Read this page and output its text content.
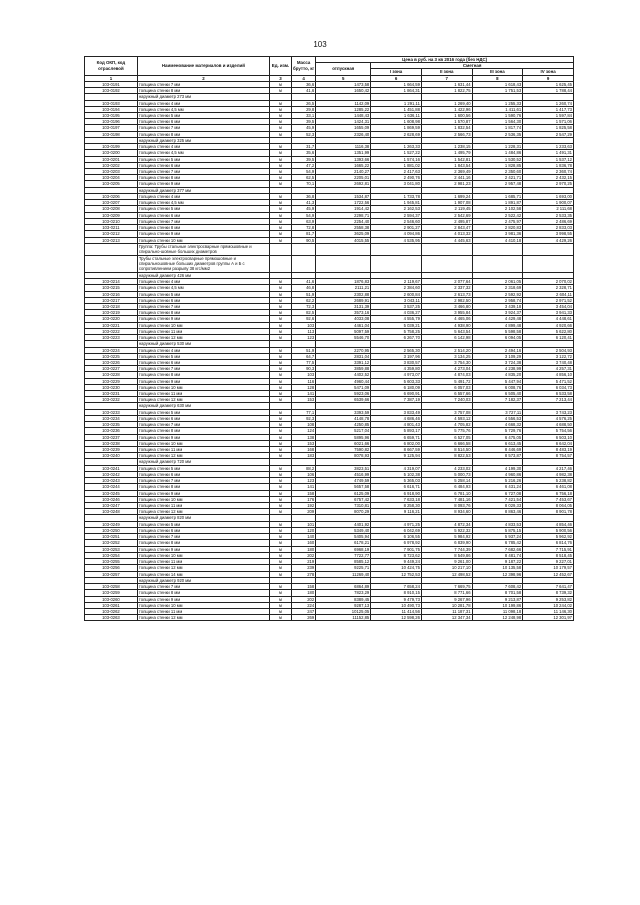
103
Код ОКП, код отраслевой	Наименование материалов и изделий	Ед. изм.	Масса брутто, кг	Цена в руб. на 3 кв 2016 года (без НДС)				
				отпускная	Сметная			
					I зона	II зона	III зона	IV зона
1	2	3	4	5	6	7	8	9
103-0191	толщина стенки 7 мм	м	36,6	1473,58	1 664,59	1 631,44	1 618,43	1 625,45
103-0192	толщина стенки 8 мм	м	41,6	1650,42	1 864,31	1 822,75	1 751,53	1 788,44
	наружный диаметр 273 мм							
103-0193	толщина стенки 4 мм	м	26,5	1142,09	1 291,11	1 269,40	1 255,33	1 260,74
103-0194	толщина стенки 4,5 мм	м	29,8	1285,22	1 451,88	1 422,96	1 411,61	1 417,73
103-0195	толщина стенки 5 мм	м	33,1	1448,43	1 636,11	1 600,56	1 590,76	1 597,84
103-0196	толщина стенки 6 мм	м	39,5	1424,31	1 608,98	1 570,87	1 564,30	1 571,06
103-0197	толщина стенки 7 мм	м	45,9	1655,09	1 869,59	1 832,54	1 817,74	1 825,58
103-0198	толщина стенки 8 мм	м	52,3	2326,40	2 628,69	2 566,73	2 536,35	2 547,29
	наружный диаметр 325 мм							
103-0199	толщина стенки 4 мм	м	31,7	1116,38	1 263,33	1 238,15	1 228,31	1 233,63
103-0200	толщина стенки 4,5 мм	м	35,6	1351,99	1 527,22	1 495,79	1 484,86	1 491,31
103-0201	толщина стенки 5 мм	м	39,5	1393,66	1 574,16	1 542,81	1 530,52	1 537,12
103-0202	толщина стенки 6 мм	м	47,2	1665,22	1 881,02	1 843,54	1 828,85	1 836,78
103-0203	толщина стенки 7 мм	м	54,9	2140,27	2 417,63	2 369,49	2 350,60	2 360,74
103-0204	толщина стенки 8 мм	м	62,5	2205,01	2 490,76	2 441,16	2 421,71	2 432,15
103-0205	толщина стенки 9 мм	м	70,1	2692,81	3 041,80	2 981,23	2 957,48	2 970,25
	наружный диаметр 377 мм							
103-0206	толщина стенки 4 мм	м	36,8	1534,87	1 733,78	1 699,24	1 685,71	1 693,00
103-0207	толщина стенки 4,5 мм	м	41,3	1722,56	1 945,81	1 907,08	1 891,87	1 900,07
103-0208	толщина стенки 5 мм	м	45,9	1914,42	2 162,53	2 119,45	2 102,58	2 111,68
103-0209	толщина стенки 6 мм	м	54,9	2298,71	2 594,37	2 542,69	2 522,42	2 533,35
103-0210	толщина стенки 7 мм	м	63,9	2254,40	2 546,60	2 495,87	2 475,97	2 486,69
103-0211	толщина стенки 8 мм	м	72,8	2558,38	2 901,27	2 843,47	2 820,83	2 833,03
103-0212	толщина стенки 9 мм	м	81,7	3625,09	4 094,86	4 013,32	3 981,36	3 998,55
103-0213	толщина стенки 10 мм	м	90,5	4015,55	4 535,95	4 445,63	4 410,18	4 429,26
	Группа: Трубы стальные электросварные прямошовные и спирально-шовные больших диаметров							
	Трубы стальные электросварные прямошовные и спиральношовные больших диаметров группы А и Б с сопротивлением разрыву 38 кгс/мм2							
	наружный диаметр 426 мм							
103-0214	толщина стенки 4 мм	м	41,6	1876,83	2 119,67	2 077,64	2 061,05	2 070,02
103-0215	толщина стенки 4,5 мм	м	46,8	2111,21	2 384,60	2 337,32	2 318,69	2 328,71
103-0216	толщина стенки 5 мм	м	51,9	2302,88	2 600,84	2 613,73	2 592,92	2 604,11
103-0217	толщина стенки 6 мм	м	62,2	2689,91	3 043,11	2 982,50	2 958,74	2 971,52
103-0218	толщина стенки 7 мм	м	72,3	3131,39	3 537,25	3 466,80	3 439,18	3 454,04
103-0219	толщина стенки 8 мм	м	82,5	3573,16	4 036,27	3 955,84	3 924,37	3 941,33
103-0220	толщина стенки 9 мм	м	92,6	4033,08	4 555,79	4 465,06	4 429,48	4 448,61
103-0221	толщина стенки 10 мм	м	103	4461,04	5 039,21	4 938,90	4 899,48	4 920,66
103-0222	толщина стенки 11 мм	м	113	5097,59	5 758,25	5 643,54	5 598,58	5 622,80
103-0223	толщина стенки 12 мм	м	123	5546,70	6 267,70	6 142,98	6 094,05	6 120,41
	наружный диаметр 530 мм							
103-0224	толщина стенки 4 мм	м	51,9	2270,95	2 565,30	2 514,20	2 494,16	2 504,93
103-0225	толщина стенки 5 мм	м	64,7	2831,04	3 197,96	3 134,25	3 109,29	3 122,72
103-0226	толщина стенки 6 мм	м	77,5	3391,12	3 830,57	3 754,30	3 724,38	3 740,48
103-0227	толщина стенки 7 мм	м	90,3	3859,88	4 359,80	4 273,04	4 238,99	4 257,31
103-0228	толщина стенки 8 мм	м	103	4402,52	4 973,07	4 874,03	4 835,20	4 856,10
103-0229	толщина стенки 9 мм	м	116	4960,44	5 603,33	5 491,72	5 447,94	5 471,52
103-0230	толщина стенки 10 мм	м	128	5471,09	6 180,09	6 057,03	6 008,76	6 034,73
103-0231	толщина стенки 11 мм	м	141	5923,06	6 690,91	6 557,66	6 505,40	6 533,58
103-0232	толщина стенки 12 мм	м	153	6539,66	7 387,19	7 240,03	7 182,37	7 213,44
	наружный диаметр 630 мм							
103-0233	толщина стенки 5 мм	м	77,1	3393,59	3 833,49	3 757,08	3 727,11	3 743,23
103-0234	толщина стенки 6 мм	м	92,3	4148,78	4 686,46	4 593,12	4 556,53	4 576,25
103-0235	толщина стенки 7 мм	м	108	4250,85	4 801,43	4 705,82	4 668,32	4 688,50
103-0236	толщина стенки 8 мм	м	124	5217,04	5 893,17	5 775,76	5 729,76	5 754,56
103-0237	толщина стенки 9 мм	м	138	5895,96	6 659,71	6 527,05	6 475,05	6 503,10
103-0238	толщина стенки 10 мм	м	153	6021,66	6 802,00	6 666,58	6 613,45	6 642,04
103-0239	толщина стенки 11 мм	м	168	7590,82	8 667,59	8 514,50	8 446,69	8 483,19
103-0240	толщина стенки 12 мм	м	183	8078,93	9 125,94	8 822,53	8 573,87	8 754,57
	наружный диаметр 720 мм							
103-0241	толщина стенки 5 мм	м	88,2	3823,51	4 319,07	4 233,02	4 199,30	4 217,46
103-0242	толщина стенки 6 мм	м	106	4516,99	5 102,38	5 000,73	4 960,86	4 982,38
103-0243	толщина стенки 7 мм	м	123	4749,59	5 365,03	5 258,14	5 216,26	5 238,82
103-0244	толщина стенки 8 мм	м	141	5657,58	6 616,71	6 484,93	6 431,24	6 461,08
103-0245	толщина стенки 9 мм	м	158	6125,09	6 918,90	6 781,10	6 727,08	6 756,18
103-0246	толщина стенки 10 мм	м	176	6757,42	7 633,18	7 481,16	7 421,54	7 453,67
103-0247	толщина стенки 11 мм	м	192	7310,81	8 258,30	8 093,76	8 029,33	8 064,05
103-0248	толщина стенки 12 мм	м	209	8070,29	9 116,21	8 934,60	8 863,46	8 901,78
	наружный диаметр 820 мм							
103-0249	толщина стенки 5 мм	м	101	4401,92	4 971,25	4 872,34	4 833,53	4 854,46
103-0250	толщина стенки 6 мм	м	120	5349,40	6 042,69	5 922,32	5 875,15	5 900,56
103-0251	толщина стенки 7 мм	м	140	5405,94	6 106,55	5 984,92	5 937,24	5 962,92
103-0252	толщина стенки 8 мм	м	160	6178,21	6 978,92	6 839,90	6 785,42	6 814,76
103-0253	толщина стенки 9 мм	м	180	6968,19	7 901,75	7 744,39	7 682,66	7 715,91
103-0254	толщина стенки 10 мм	м	202	7722,77	8 723,62	8 549,86	8 481,74	8 518,45
103-0255	толщина стенки 11 мм	м	219	8585,12	9 449,24	9 261,00	9 187,22	9 227,01
103-0256	толщина стенки 12 мм	м	239	9225,71	10 424,75	10 217,10	10 135,58	10 179,57
103-0257	толщина стенки 14 мм	м	278	11269,40	12 752,53	12 498,52	12 398,96	12 452,67
	наружный диаметр 920 мм							
103-0258	толщина стенки 7 мм	м	158	6864,89	7 658,24	7 669,75	7 608,42	7 641,47
103-0259	толщина стенки 8 мм	м	180	7823,29	8 910,15	8 771,66	8 701,58	8 739,32
103-0260	толщина стенки 9 мм	м	202	8389,45	9 479,73	9 267,96	9 213,87	9 253,82
103-0261	толщина стенки 10 мм	м	224	9287,13	10 490,73	10 281,78	10 199,86	10 244,02
103-0262	толщина стенки 11 мм	м	247	10125,05	11 414,56	11 187,31	11 098,18	11 146,30
103-0263	толщина стенки 12 мм	м	269	11152,85	12 598,26	12 347,34	12 248,98	12 301,97
